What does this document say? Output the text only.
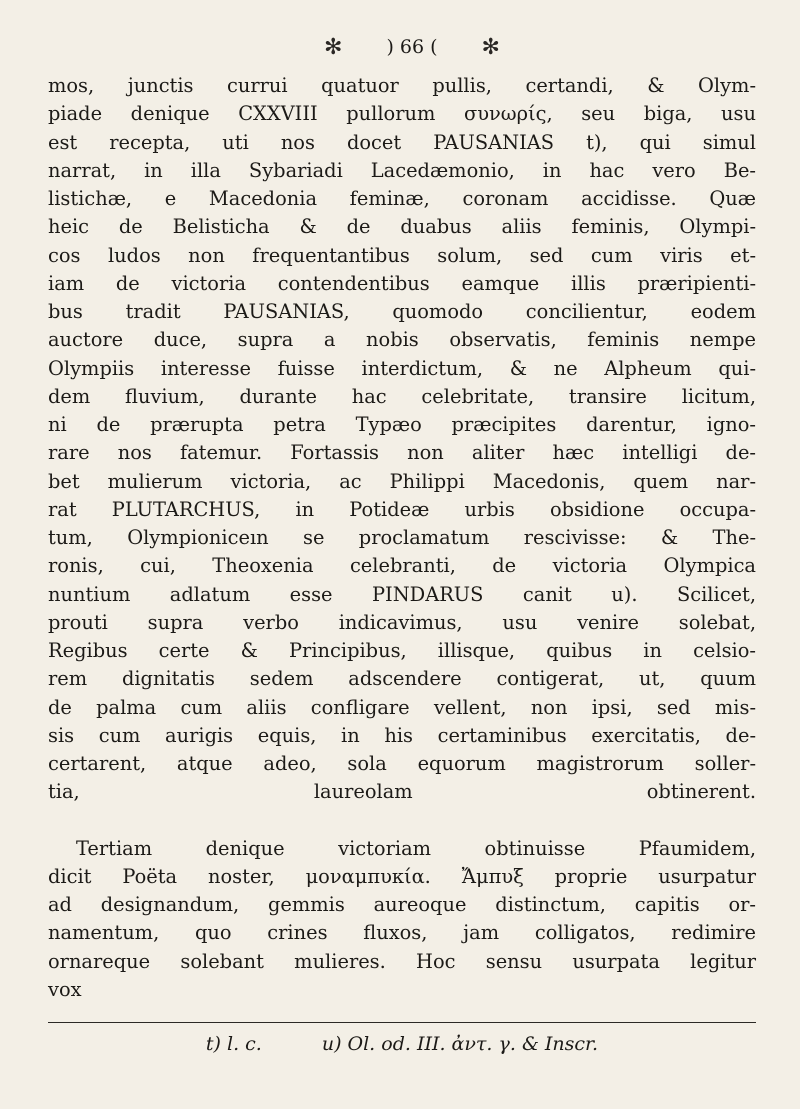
✻ ) 66 ( ✻
mos, junctis currui quatuor pullis, certandi, & Olym-
piade denique CXXVIII pullorum συνωρίς, seu biga, usu
est recepta, uti nos docet PAUSANIAS t), qui simul
narrat, in illa Sybariadi Lacedæmonio, in hac vero Be-
listichæ, e Macedonia feminæ, coronam accidisse. Quæ
heic de Belisticha & de duabus aliis feminis, Olympi-
cos ludos non frequentantibus solum, sed cum viris et-
iam de victoria contendentibus eamque illis præripienti-
bus tradit PAUSANIAS, quomodo concilientur, eodem
auctore duce, supra a nobis observatis, feminis nempe
Olympiis interesse fuisse interdictum, & ne Alpheum qui-
dem fluvium, durante hac celebritate, transire licitum,
ni de prærupta petra Typæo præcipites darentur, igno-
rare nos fatemur. Fortassis non aliter hæc intelligi de-
bet mulierum victoria, ac Philippi Macedonis, quem nar-
rat PLUTARCHUS, in Potideæ urbis obsidione occupa-
tum, Olympioniceın se proclamatum rescivisse: & The-
ronis, cui, Theoxenia celebranti, de victoria Olympica
nuntium adlatum esse PINDARUS canit u). Scilicet,
prouti supra verbo indicavimus, usu venire solebat,
Regibus certe & Principibus, illisque, quibus in celsio-
rem dignitatis sedem adscendere contigerat, ut, quum
de palma cum aliis confligare vellent, non ipsi, sed mis-
sis cum aurigis equis, in his certaminibus exercitatis, de-
certarent, atque adeo, sola equorum magistrorum soller-
tia, laureolam obtinerent.
Tertiam denique victoriam obtinuisse Pfaumidem,
dicit Poëta noster, μοναμπυκία. Ἄμπυξ proprie usurpatur
ad designandum, gemmis aureoque distinctum, capitis or-
namentum, quo crines fluxos, jam colligatos, redimire
ornareque solebant mulieres. Hoc sensu usurpata legitur
vox
t) l. c.	u) Ol. od. III. ἀντ. γ. & Inscr.
